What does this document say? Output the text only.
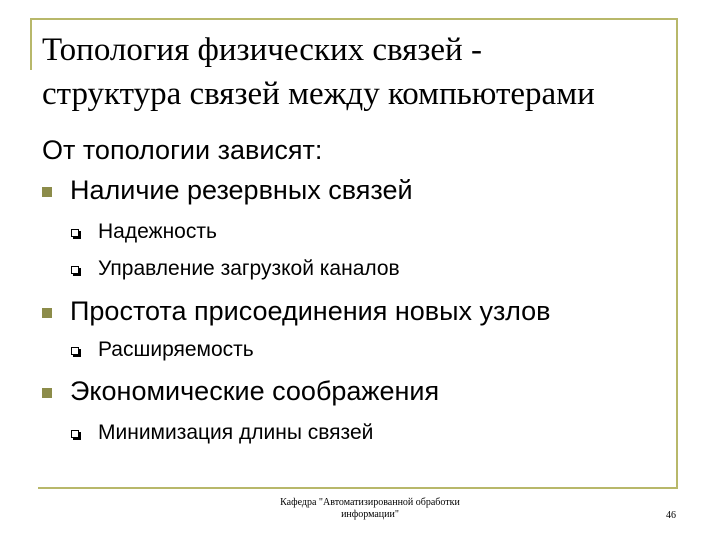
Топология физических связей -
структура связей между компьютерами
От топологии зависят:
Наличие резервных связей
Надежность
Управление загрузкой каналов
Простота присоединения новых узлов
Расширяемость
Экономические соображения
Минимизация длины связей
Кафедра "Автоматизированной обработки
информации"	46
